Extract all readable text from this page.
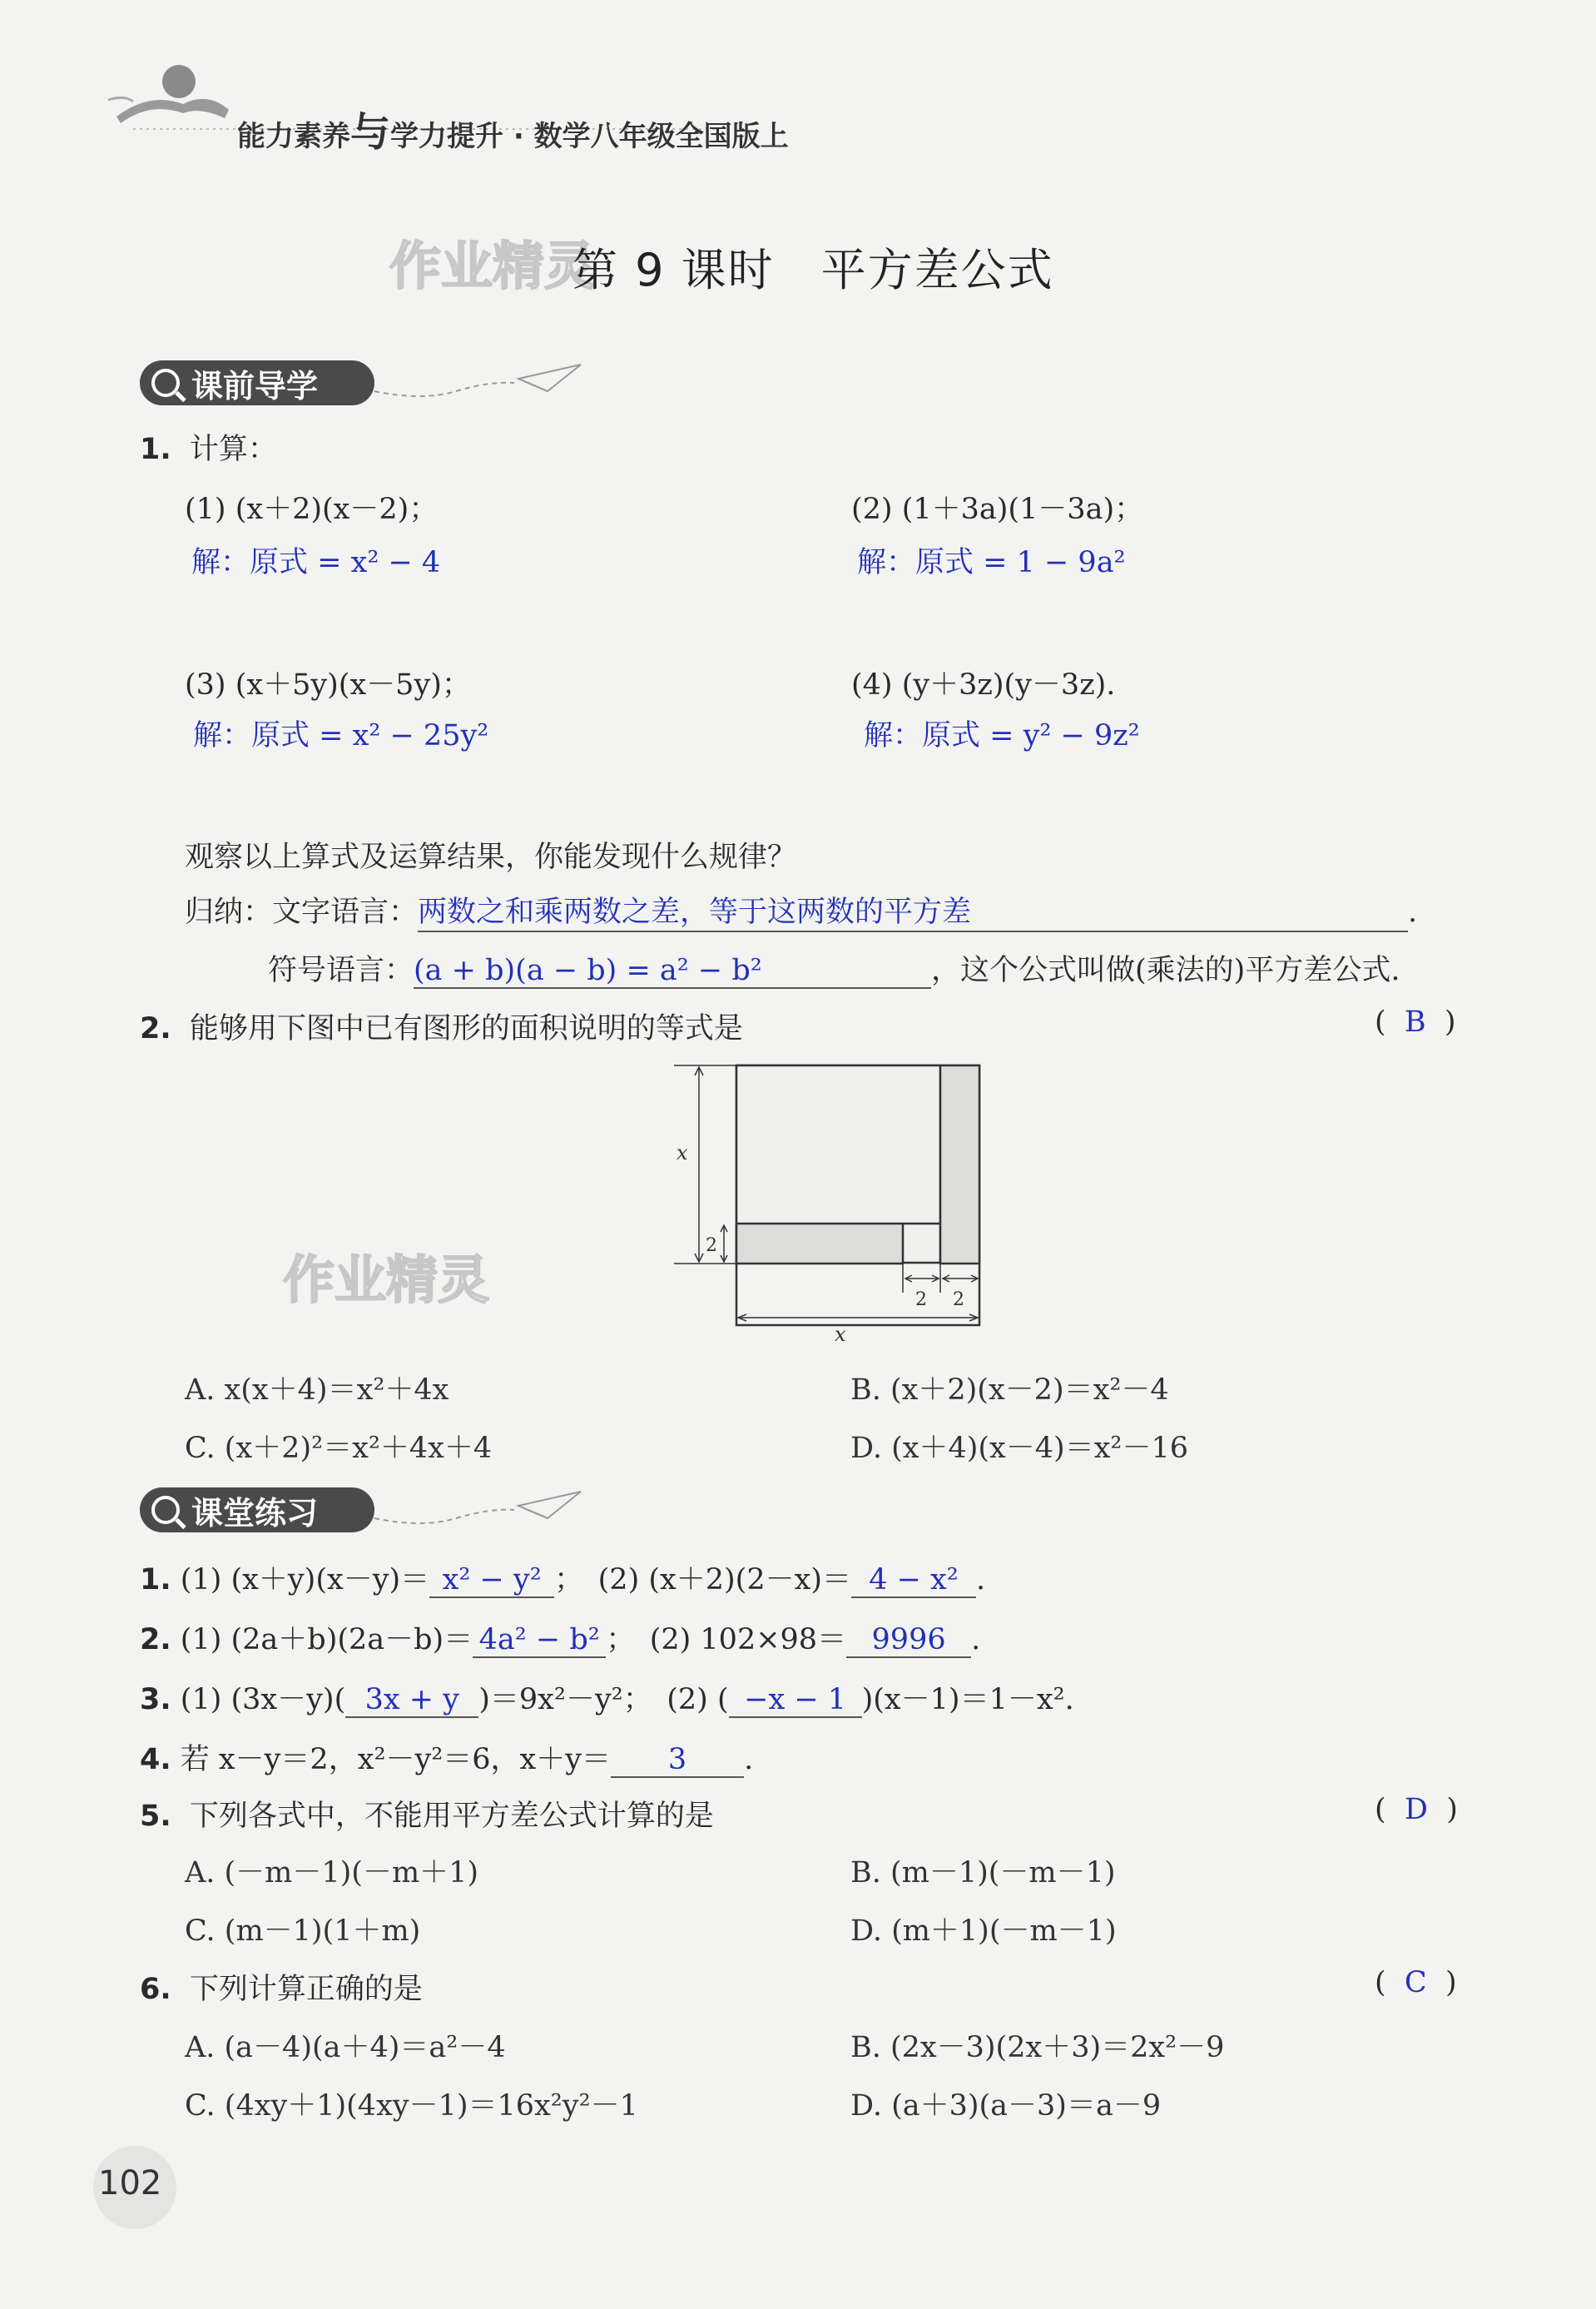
能力素养与学力提升 · 数学八年级全国版上
作业精灵
第 9 课时　平方差公式
课前导学
1. 计算：
(1) (x＋2)(x－2)；
解：原式 = x² − 4
(2) (1＋3a)(1－3a)；
解：原式 = 1 − 9a²
(3) (x＋5y)(x－5y)；
解：原式 = x² − 25y²
(4) (y＋3z)(y－3z).
解：原式 = y² − 9z²
观察以上算式及运算结果，你能发现什么规律？
归纳：文字语言：两数之和乘两数之差，等于这两数的平方差	.
符号语言：(a + b)(a − b) = a² − b²	，这个公式叫做(乘法的)平方差公式.
2. 能够用下图中已有图形的面积说明的等式是	(  B  )
x
2
2 2
x
作业精灵
A. x(x＋4)＝x²＋4x	B. (x＋2)(x－2)＝x²－4
C. (x＋2)²＝x²＋4x＋4	D. (x＋4)(x－4)＝x²－16
课堂练习
1. (1) (x＋y)(x－y)＝ x² − y² ；　(2) (x＋2)(2－x)＝ 4 − x² .
2. (1) (2a＋b)(2a－b)＝ 4a² − b² ；　(2) 102×98＝ 9996 .
3. (1) (3x－y)( 3x + y )＝9x²－y²；　(2) ( −x − 1 )(x－1)＝1－x².
4. 若 x－y＝2，x²－y²＝6，x＋y＝ 3 .
5. 下列各式中，不能用平方差公式计算的是	(  D  )
A. (－m－1)(－m＋1)	B. (m－1)(－m－1)
C. (m－1)(1＋m)	D. (m＋1)(－m－1)
6. 下列计算正确的是	(  C  )
A. (a－4)(a＋4)＝a²－4	B. (2x－3)(2x＋3)＝2x²－9
C. (4xy＋1)(4xy－1)＝16x²y²－1	D. (a＋3)(a－3)＝a－9
102
